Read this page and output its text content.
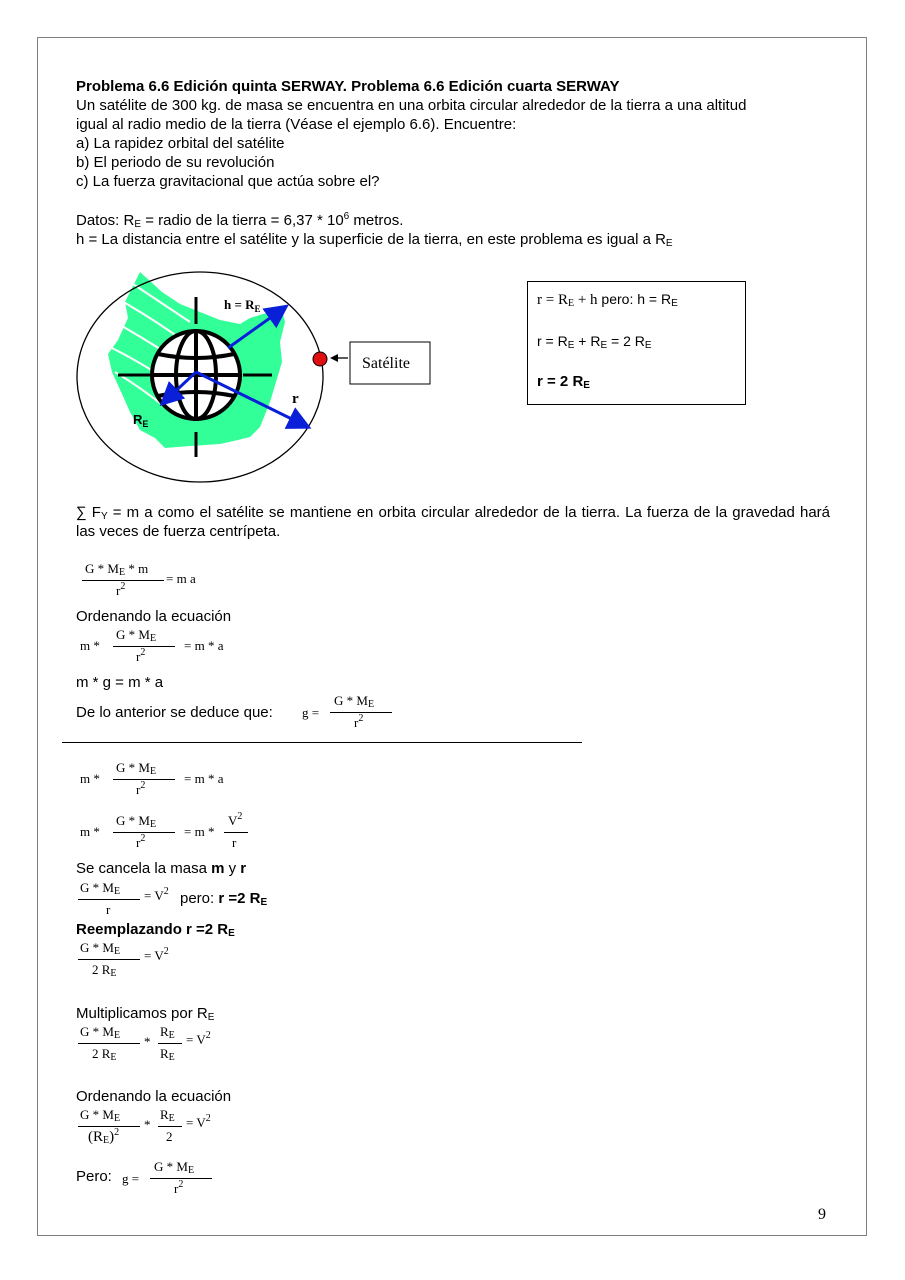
Problema 6.6 Edición quinta SERWAY. Problema 6.6 Edición cuarta SERWAY
Un satélite de 300 kg. de masa se encuentra en una orbita circular alrededor de la tierra a una altitud
igual al radio medio de la tierra (Véase el ejemplo 6.6). Encuentre:
a) La rapidez orbital del satélite
b) El periodo de su revolución
c) La fuerza gravitacional que actúa sobre el?
Datos: $R_E$ = radio de la tierra = $6,37 * 10^6$ metros.
h = La distancia entre el satélite y la superficie de la tierra, en este problema es igual a $R_E$
$h = R_E$
r
$R_E$
Satélite
$r = R_E + h$ pero: $h = R_E$
$r = R_E + R_E = 2$ $R_E$
r = 2 $R_E$
∑ $F_Y = m$ a como el satélite se mantiene en orbita circular alrededor de la tierra. La fuerza de la gravedad hará las veces de fuerza centrípeta.
G * $M_E$ * m
$r^2$
= m a
Ordenando la ecuación
m *
G * $M_E$
$r^2$	= m * a
m * g = m * a
De lo anterior se deduce que: g =
G * $M_E$
$r^2$
m *
G * $M_E$
$r^2$	= m * a
m *
G * $M_E$
$r^2$	= m *
$V^2$
r
Se cancela la masa m y r
G * $M_E$
r
= $V^2$ pero: r =2 $R_E$
Reemplazando r =2 $R_E$
G * $M_E$
2 $R_E$
= $V^2$
Multiplicamos por $R_E$
G * $M_E$
2 $R_E$
*
$R_E$
$R_E$
= $V^2$
Ordenando la ecuación
G * $M_E$
$(R_E)^2$
*
$R_E$
2
= $V^2$
Pero: g =
G * $M_E$
$r^2$
9
